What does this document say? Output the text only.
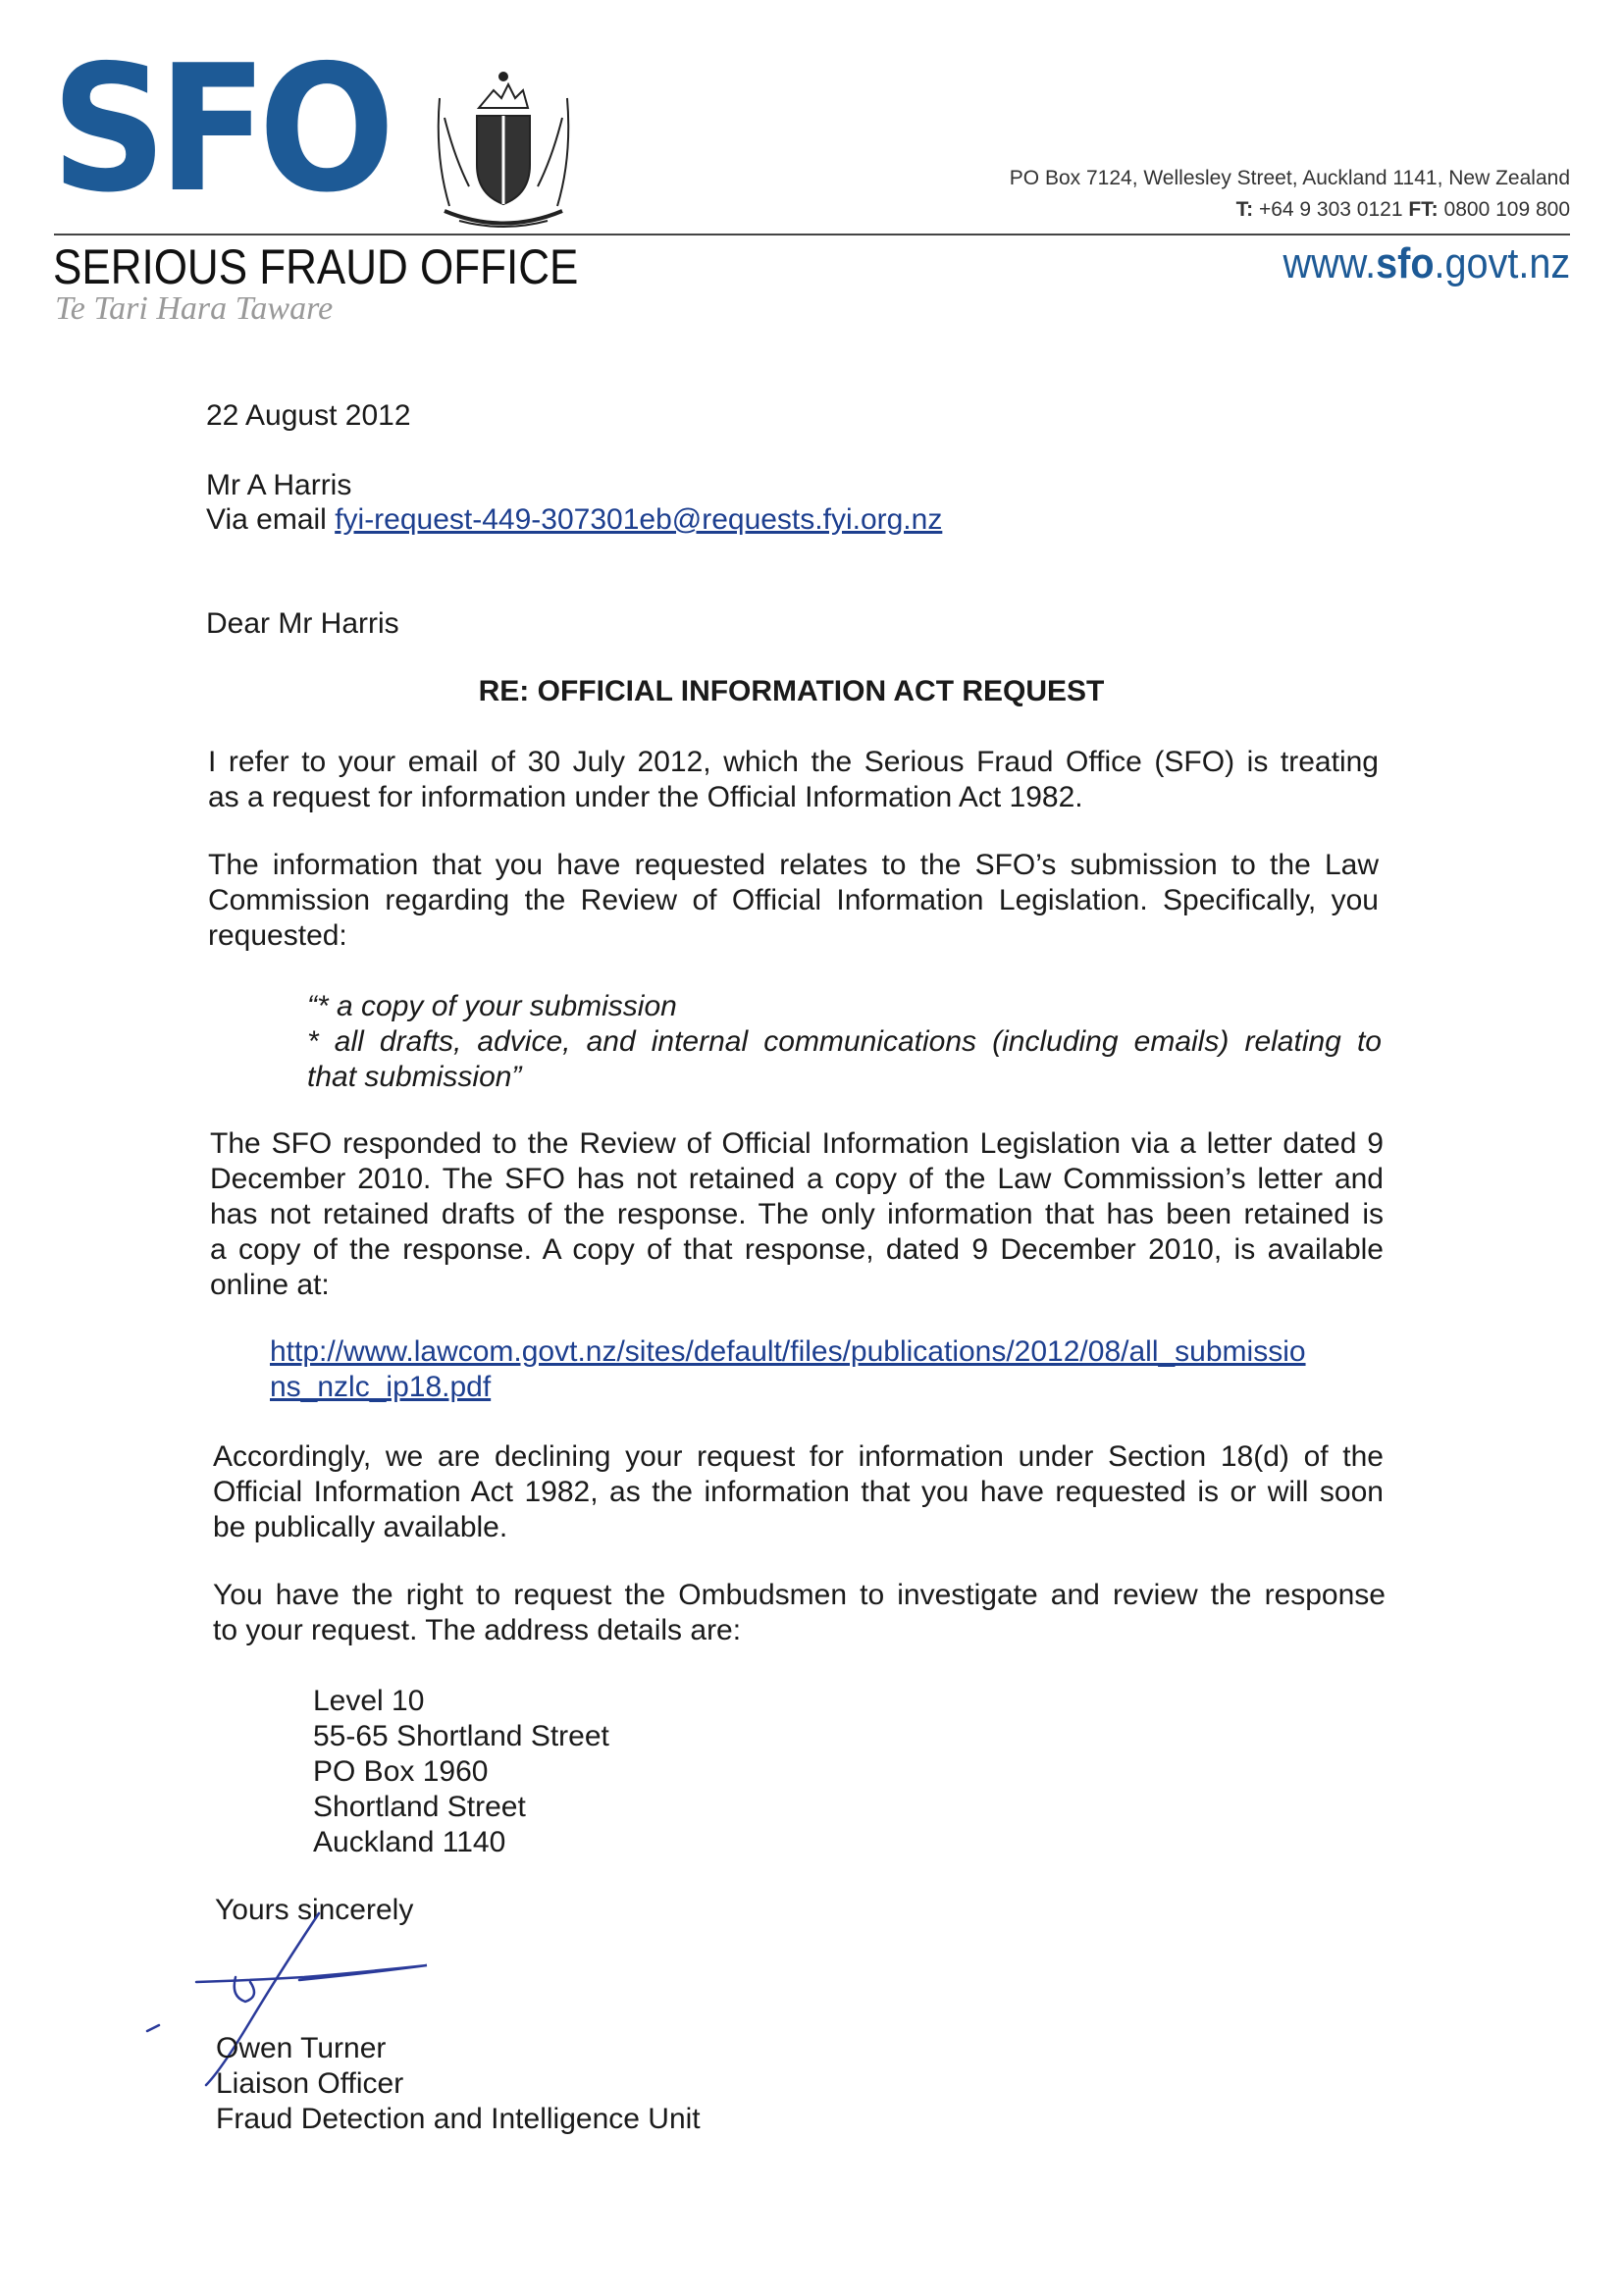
SFO	PO Box 7124, Wellesley Street, Auckland 1141, New Zealand
T: +64 9 303 0121 FT: 0800 109 800
SERIOUS FRAUD OFFICE
Te Tari Hara Taware
www.sfo.govt.nz
22 August 2012
Mr A Harris
Via email fyi-request-449-307301eb@requests.fyi.org.nz
Dear Mr Harris
RE: OFFICIAL INFORMATION ACT REQUEST
I refer to your email of 30 July 2012, which the Serious Fraud Office (SFO) is treating
as a request for information under the Official Information Act 1982.
The information that you have requested relates to the SFO’s submission to the Law
Commission regarding the Review of Official Information Legislation. Specifically, you
requested:
“* a copy of your submission
* all drafts, advice, and internal communications (including emails) relating to
that submission”
The SFO responded to the Review of Official Information Legislation via a letter dated 9
December 2010. The SFO has not retained a copy of the Law Commission’s letter and
has not retained drafts of the response. The only information that has been retained is
a copy of the response. A copy of that response, dated 9 December 2010, is available
online at:
http://www.lawcom.govt.nz/sites/default/files/publications/2012/08/all_submissio
ns_nzlc_ip18.pdf
Accordingly, we are declining your request for information under Section 18(d) of the
Official Information Act 1982, as the information that you have requested is or will soon
be publically available.
You have the right to request the Ombudsmen to investigate and review the response
to your request. The address details are:
Level 10
55-65 Shortland Street
PO Box 1960
Shortland Street
Auckland 1140
Yours sincerely
Owen Turner
Liaison Officer
Fraud Detection and Intelligence Unit
